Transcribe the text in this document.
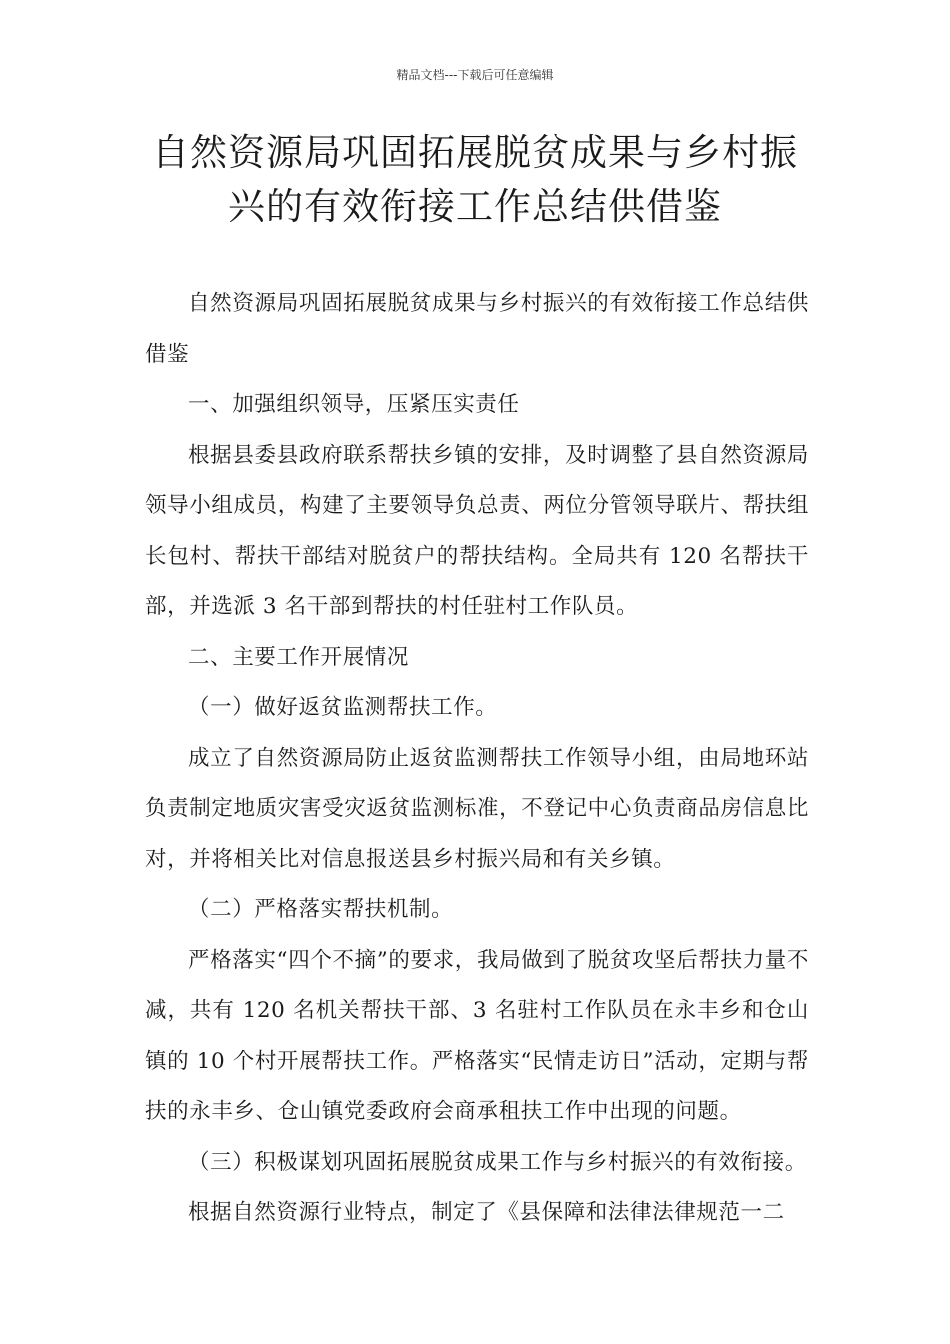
精品文档---下载后可任意编辑
自然资源局巩固拓展脱贫成果与乡村振
兴的有效衔接工作总结供借鉴

自然资源局巩固拓展脱贫成果与乡村振兴的有效衔接工作总结供借鉴

一、加强组织领导，压紧压实责任

根据县委县政府联系帮扶乡镇的安排，及时调整了县自然资源局领导小组成员，构建了主要领导负总责、两位分管领导联片、帮扶组长包村、帮扶干部结对脱贫户的帮扶结构。全局共有 120 名帮扶干部，并选派 3 名干部到帮扶的村任驻村工作队员。

二、主要工作开展情况

（一）做好返贫监测帮扶工作。

成立了自然资源局防止返贫监测帮扶工作领导小组，由局地环站负责制定地质灾害受灾返贫监测标准，不登记中心负责商品房信息比对，并将相关比对信息报送县乡村振兴局和有关乡镇。

（二）严格落实帮扶机制。

严格落实“四个不摘”的要求，我局做到了脱贫攻坚后帮扶力量不减，共有 120 名机关帮扶干部、3 名驻村工作队员在永丰乡和仓山镇的 10 个村开展帮扶工作。严格落实“民情走访日”活动，定期与帮扶的永丰乡、仓山镇党委政府会商承租扶工作中出现的问题。

（三）积极谋划巩固拓展脱贫成果工作与乡村振兴的有效衔接。

根据自然资源行业特点，制定了《县保障和法律法律规范一二
